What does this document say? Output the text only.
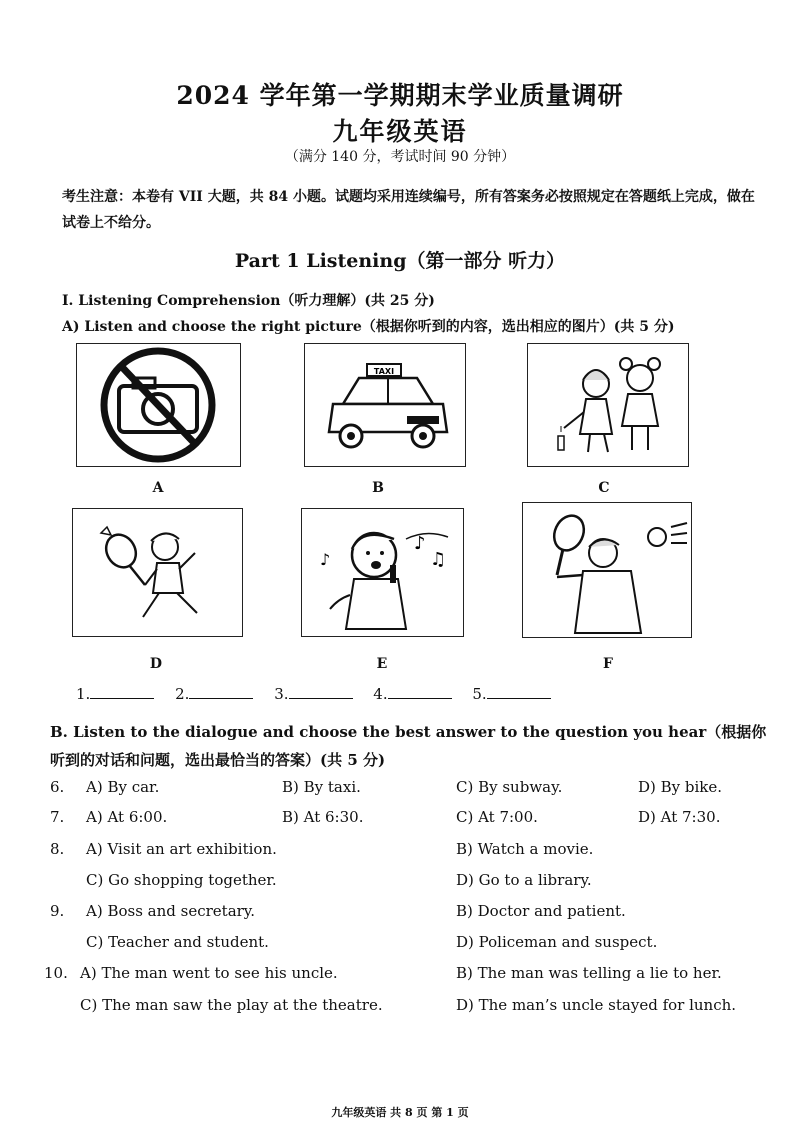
2024 学年第一学期期末学业质量调研
九年级英语
（满分 140 分，考试时间 90 分钟）
考生注意：本卷有 VII 大题，共 84 小题。试题均采用连续编号，所有答案务必按照规定在答题纸上完成，做在试卷上不给分。
Part 1 Listening（第一部分 听力）
I. Listening Comprehension（听力理解）(共 25 分)
A) Listen and choose the right picture（根据你听到的内容，选出相应的图片）(共 5 分)
A
TAXI
B	C
D
♪
♫
♪
E	F
1.	2.	3.	4.	5.
B. Listen to the dialogue and choose the best answer to the question you hear（根据你听到的对话和问题，选出最恰当的答案）(共 5 分)
6. A) By car.	B) By taxi.	C) By subway.	D) By bike.
7. A) At 6:00.	B) At 6:30.	C) At 7:00.	D) At 7:30.
8. A) Visit an art exhibition.	B) Watch a movie.
C) Go shopping together.	D) Go to a library.
9. A) Boss and secretary.	B) Doctor and patient.
C) Teacher and student.	D) Policeman and suspect.
10. A) The man went to see his uncle.	B) The man was telling a lie to her.
C) The man saw the play at the theatre.	D) The man’s uncle stayed for lunch.
九年级英语 共 8 页 第 1 页
